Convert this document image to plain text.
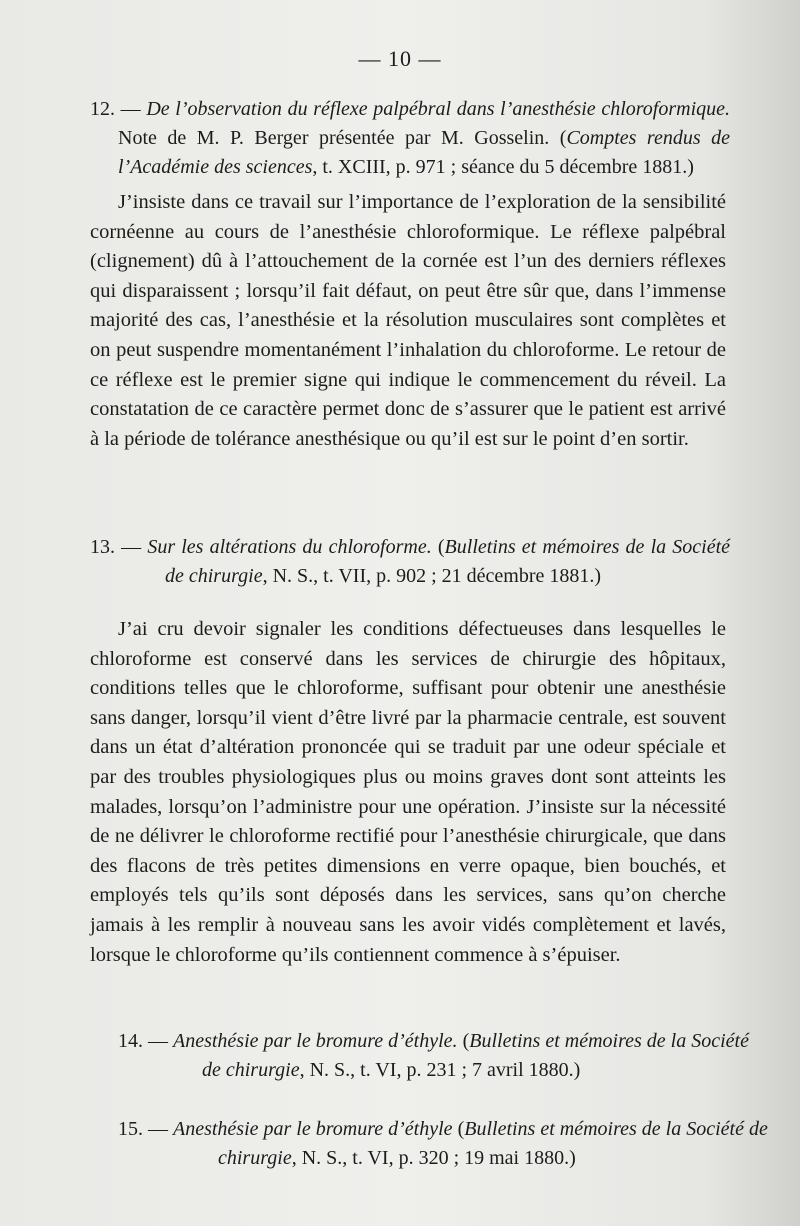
— 10 —
12. — De l’observation du réflexe palpébral dans l’anesthésie chloroformique.
Note de M. P. Berger présentée par M. Gosselin. (Comptes rendus de
l’Académie des sciences, t. XCIII, p. 971 ; séance du 5 décembre 1881.)

J’insiste dans ce travail sur l’importance de l’exploration de la sensibilité cornéenne au cours de l’anesthésie chloroformique. Le réflexe palpébral (clignement) dû à l’attouchement de la cornée est l’un des derniers réflexes qui disparaissent ; lorsqu’il fait défaut, on peut être sûr que, dans l’immense majorité des cas, l’anesthésie et la résolution musculaires sont complètes et on peut suspendre momentanément l’inhalation du chloroforme. Le retour de ce réflexe est le premier signe qui indique le commencement du réveil. La constatation de ce caractère permet donc de s’assurer que le patient est arrivé à la période de tolérance anesthésique ou qu’il est sur le point d’en sortir.

13. — Sur les altérations du chloroforme. (Bulletins et mémoires de la Société
de chirurgie, N. S., t. VII, p. 902 ; 21 décembre 1881.)

J’ai cru devoir signaler les conditions défectueuses dans lesquelles le chloroforme est conservé dans les services de chirurgie des hôpitaux, conditions telles que le chloroforme, suffisant pour obtenir une anesthésie sans danger, lorsqu’il vient d’être livré par la pharmacie centrale, est souvent dans un état d’altération prononcée qui se traduit par une odeur spéciale et par des troubles physiologiques plus ou moins graves dont sont atteints les malades, lorsqu’on l’administre pour une opération. J’insiste sur la nécessité de ne délivrer le chloroforme rectifié pour l’anesthésie chirurgicale, que dans des flacons de très petites dimensions en verre opaque, bien bouchés, et employés tels qu’ils sont déposés dans les services, sans qu’on cherche jamais à les remplir à nouveau sans les avoir vidés complètement et lavés, lorsque le chloroforme qu’ils contiennent commence à s’épuiser.

14. — Anesthésie par le bromure d’éthyle. (Bulletins et mémoires de la Société
de chirurgie, N. S., t. VI, p. 231 ; 7 avril 1880.)
15. — Anesthésie par le bromure d’éthyle (Bulletins et mémoires de la Société de
chirurgie, N. S., t. VI, p. 320 ; 19 mai 1880.)
